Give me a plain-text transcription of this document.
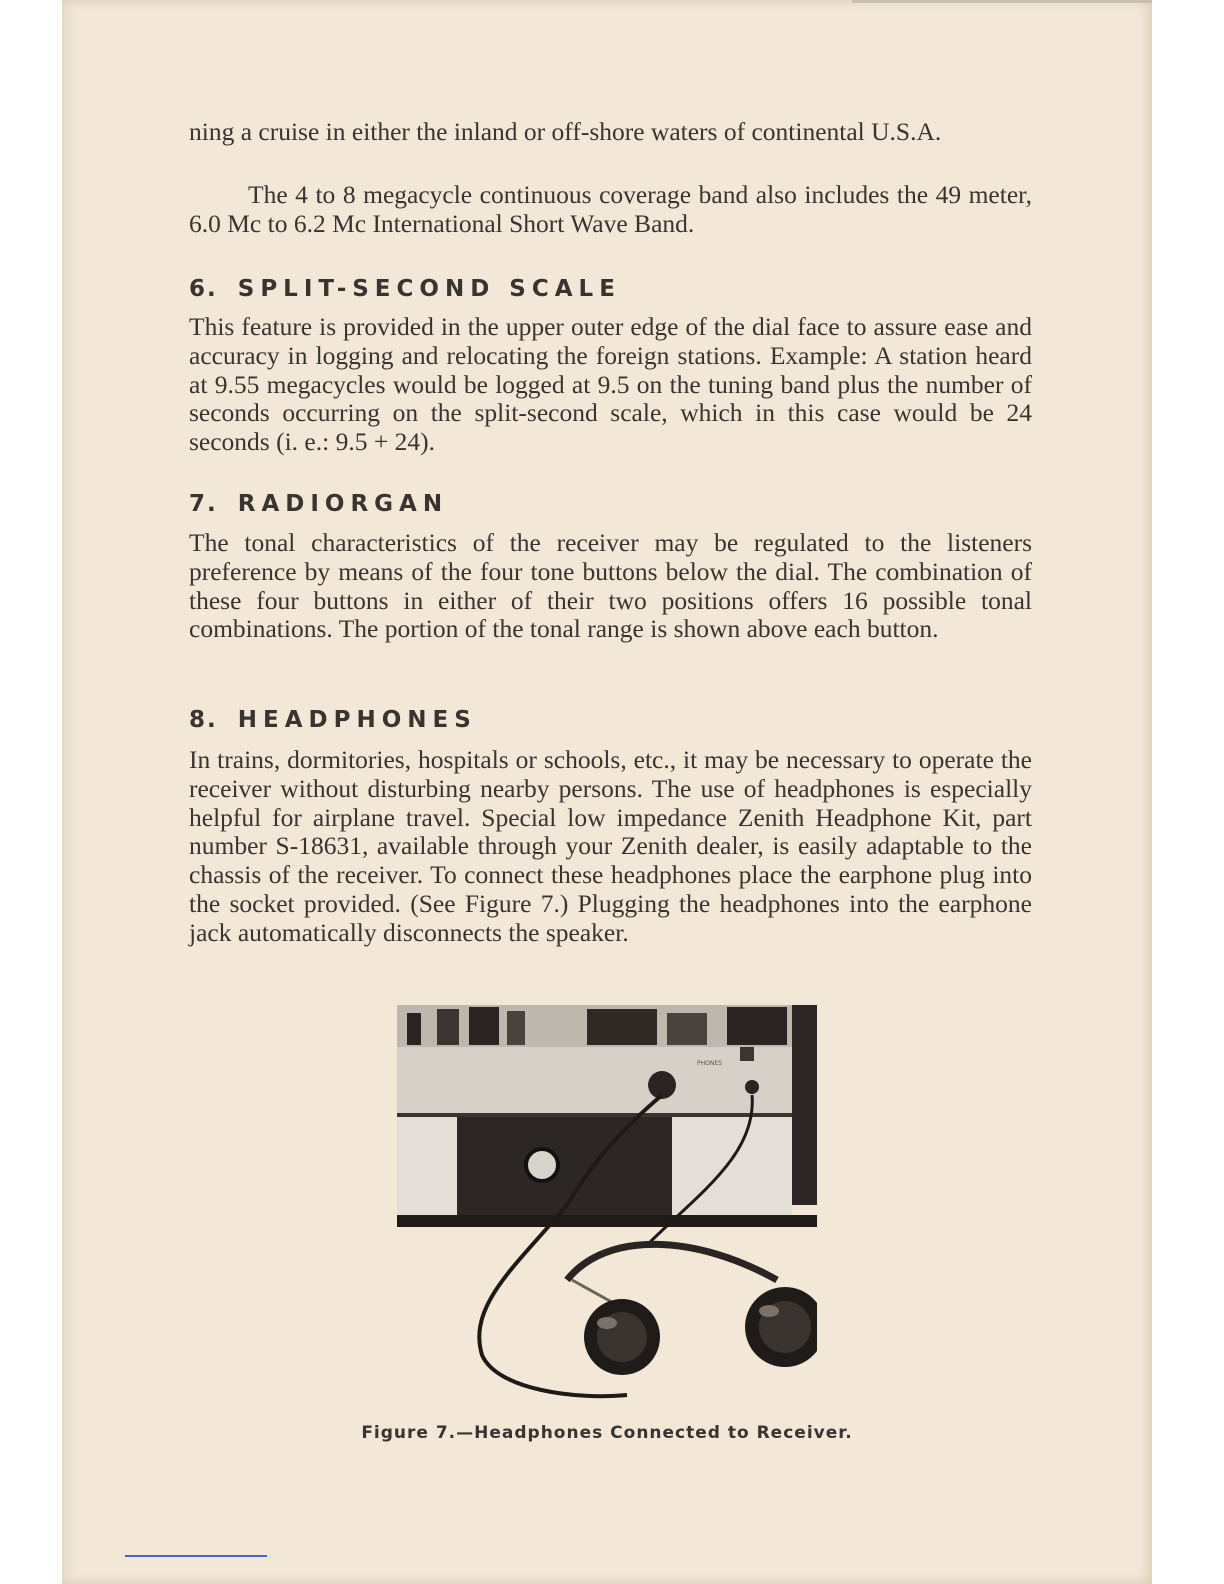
ning a cruise in either the inland or off-shore waters of continental U.S.A.

The 4 to 8 megacycle continuous coverage band also includes the 49 meter, 6.0 Mc to 6.2 Mc International Short Wave Band.

6. SPLIT-SECOND SCALE

This feature is provided in the upper outer edge of the dial face to assure ease and accuracy in logging and relocating the foreign stations. Example: A station heard at 9.55 megacycles would be logged at 9.5 on the tuning band plus the number of seconds occurring on the split-second scale, which in this case would be 24 seconds (i. e.: 9.5 + 24).

7. RADIORGAN

The tonal characteristics of the receiver may be regulated to the listeners preference by means of the four tone buttons below the dial. The combination of these four buttons in either of their two positions offers 16 possible tonal combinations. The portion of the tonal range is shown above each button.

8. HEADPHONES

In trains, dormitories, hospitals or schools, etc., it may be necessary to operate the receiver without disturbing nearby persons. The use of headphones is especially helpful for airplane travel. Special low impedance Zenith Headphone Kit, part number S-18631, available through your Zenith dealer, is easily adaptable to the chassis of the receiver. To connect these headphones place the earphone plug into the socket provided. (See Figure 7.) Plugging the headphones into the earphone jack automatically disconnects the speaker.

PHONES
Figure 7.—Headphones Connected to Receiver.
